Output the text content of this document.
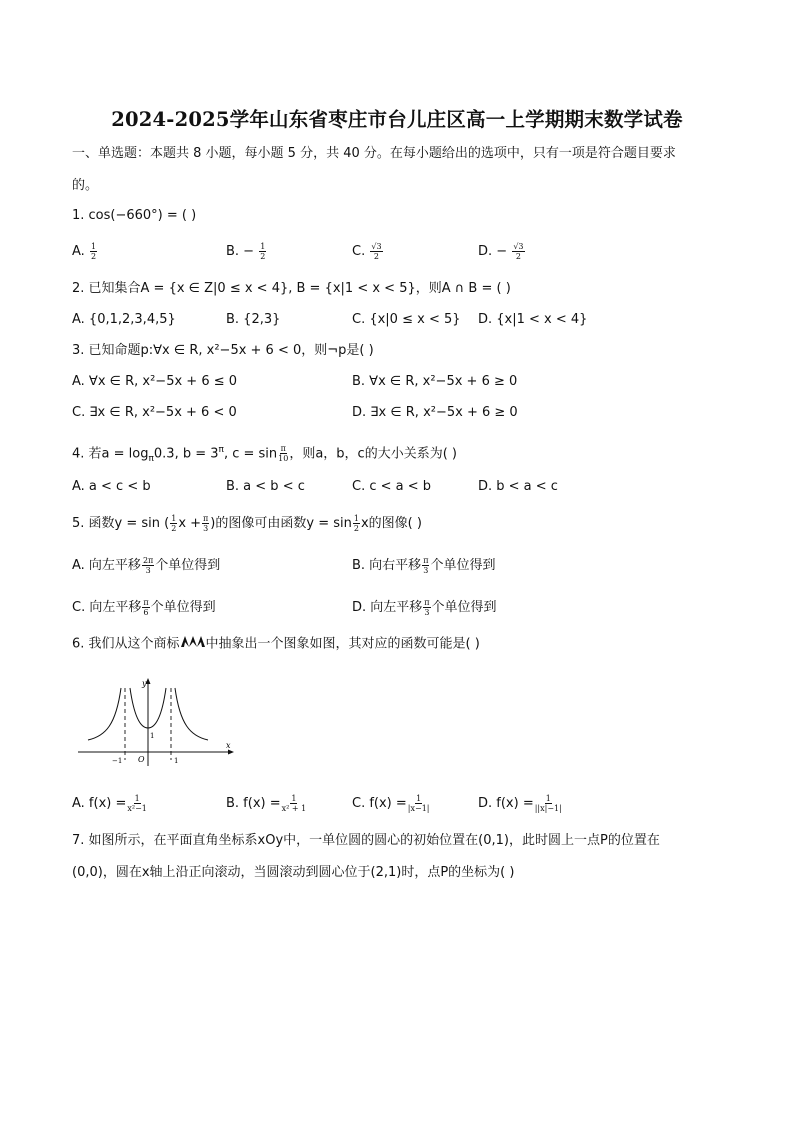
2024-2025学年山东省枣庄市台儿庄区高一上学期期末数学试卷
一、单选题：本题共 8 小题，每小题 5 分，共 40 分。在每小题给出的选项中，只有一项是符合题目要求
的。
1. cos(−660°) = ( )
A. $\frac{1}{2}$	B. − $\frac{1}{2}$	C. $\frac{√3}{2}$	D. − $\frac{√3}{2}$
2. 已知集合A = {x ∈ Z|0 ≤ x < 4}, B = {x|1 < x < 5}，则A ∩ B = ( )
A. {0,1,2,3,4,5}	B. {2,3}	C. {x|0 ≤ x < 5} D. {x|1 < x < 4}
3. 已知命题p:∀x ∈ R, x²−5x + 6 < 0，则¬p是( )
A. ∀x ∈ R, x²−5x + 6 ≤ 0	B. ∀x ∈ R, x²−5x + 6 ≥ 0
C. ∃x ∈ R, x²−5x + 6 < 0	D. ∃x ∈ R, x²−5x + 6 ≥ 0
4. 若$a = \log_\pi 0.3$, $b = 3^\pi$, $c = \sin \frac{\pi}{10}$ ，则a，b，c的大小关系为( )
A. a < c < b	B. a < b < c	C. c < a < b	D. b < a < c
5. 函数y = sin ( $\frac{1}{2}$ $x + \frac{\pi}{3}$ )的图像可由函数$y = \sin \frac{1}{2}$ x的图像( )
A. 向左平移 $\frac{2\pi}{3}$ 个单位得到	B. 向右平移 $\frac{\pi}{3}$ 个单位得到
C. 向左平移 $\frac{\pi}{6}$ 个单位得到	D. 向左平移 $\frac{\pi}{3}$ 个单位得到
6. 我们从这个商标 中抽象出一个图象如图，其对应的函数可能是( )
y
x
O
−1	1
1
A. $f(x) = \frac{1}{\text{x²−1}}$	B. $f(x) = \frac{1}{\text{x² + 1}}$	C. $f(x) = \frac{1}{|x-1|}$	D. $f(x) = \frac{1}{||x|-1|}$
7. 如图所示，在平面直角坐标系xOy中，一单位圆的圆心的初始位置在(0,1)，此时圆上一点P的位置在
(0,0)，圆在x轴上沿正向滚动，当圆滚动到圆心位于(2,1)时，点P的坐标为( )
